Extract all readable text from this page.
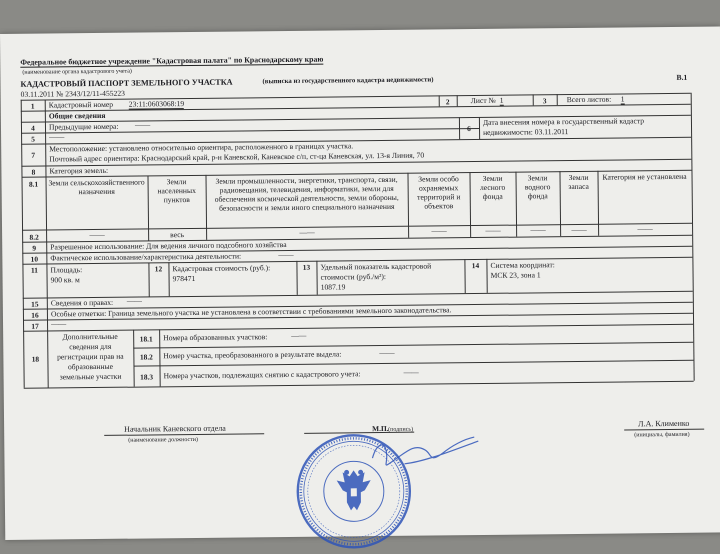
Федеральное бюджетное учреждение "Кадастровая палата" по Краснодарскому краю
(наименование органа кадастрового учета)
КАДАСТРОВЫЙ ПАСПОРТ ЗЕМЕЛЬНОГО УЧАСТКА	(выписка из государственного кадастра недвижимости)	В.1
03.11.2011 № 2343/12/11-455223
1	Кадастровый номер 23:11:0603068:19	2	Лист № 1	3	Всего листов: 1
Общие сведения
4	Предыдущие номера: ——
5	——
6
Дата внесения номера в государственный кадастр
недвижимости: 03.11.2011
7
Местоположение: установлено относительно ориентира, расположенного в границах участка.
Почтовый адрес ориентира: Краснодарский край, р-н Каневской, Каневское с/п, ст-ца Каневская, ул. 13-я Линия, 70
8	Категория земель:
8.1	Земли сельскохозяйственного назначения
Земли населенных пунктов
Земли промышленности, энергетики, транспорта, связи, радиовещания, телевидения, информатики, земли для обеспечения космической деятельности, земли обороны, безопасности и земли иного специального назначения
Земли особо охраняемых территорий и объектов
Земли лесного фонда
Земли водного фонда
Земли запаса
Категория не установлена
8.2	——	весь	——	——	——	——	——	——
9	Разрешенное использование: Для ведения личного подсобного хозяйства
10	Фактическое использование/характеристика деятельности:	——
11	Площадь:
900 кв. м
12	Кадастровая стоимость (руб.):
978471
13	Удельный показатель кадастровой
стоимости (руб./м²):
1087.19
14	Система координат:
МСК 23, зона 1
15	Сведения о правах: ——
16	Особые отметки: Граница земельного участка не установлена в соответствии с требованиями земельного законодательства.
17	——
18
Дополнительные
сведения для
регистрации прав на
образованные
земельные участки
18.1	Номера образованных участков:	——
18.2	Номер участка, преобразованного в результате выдела:	——
18.3	Номера участков, подлежащих снятию с кадастрового учета:	——
Начальник Каневского отдела
(наименование должности)
М.П. (подпись)
Л.А. Клименко
(инициалы, фамилия)
